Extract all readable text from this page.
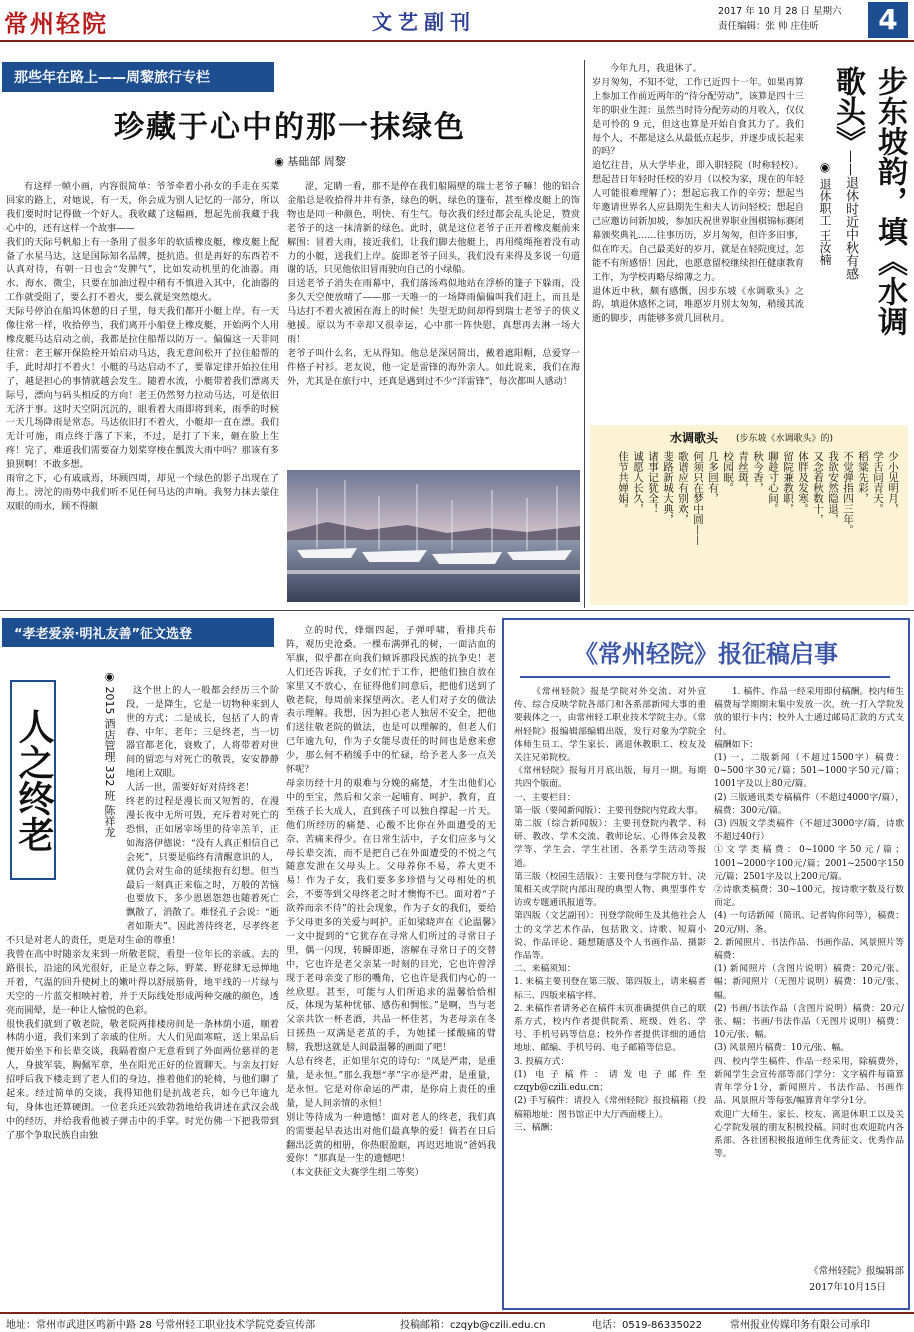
常州轻院	文艺副刊	2017 年 10 月 28 日 星期六
责任编辑：张 帅 庄佳昕	4
那些年在路上——周黎旅行专栏
珍藏于心中的那一抹绿色
◉ 基础部 周黎
有这样一帧小画，内容很简单：爷爷牵着小孙女的手走在买菜回家的路上，对她说，有一天，你会成为别人记忆的一部分，所以我们要时时记得做一个好人。我收藏了这幅画，想起先前我藏于我心中的，还有这样一个故事——
我们的天际号帆船上有一条用了很多年的软质橡皮艇，橡皮艇上配备了水星马达，这是国际知名品牌，挺抗造。但是再好的东西若不认真对待，有朝一日也会“发脾气”，比如发动机里的化油器。雨水、海水、微尘，只要在加油过程中稍有不慎进入其中，化油器的工作就受阻了，要么打不着火，要么就是突然熄火。
天际号停泊在船坞休憩的日子里，每天我们都开小艇上岸。有一天像往常一样，收拾停当，我们离开小船登上橡皮艇，开始两个人用橡皮艇马达启动之前，我都是拉住船帮以防万一。偏偏这一天非同往常：老王解开保险栓开始启动马达，我无意间松开了拉住船帮的手，此时却打不着火！小艇的马达启动不了，要靠定律开始拉住用了，越是担心的事情就越会发生。随着水流，小艇带着我们漂离天际号，漂向与码头相反的方向！老王仍然努力拉动马达，可是依旧无济于事。这时天空阴沉沉的，眼看着大雨即将到来，雨季的时候一天几场降雨是常态。马达依旧打不着火，小艇却一直在漂。我们无计可施，雨点终于落了下来，不过，是打了下来，砸在脸上生疼！完了，难道我们需要奋力划桨穿梭在瓢泼大雨中吗？那该有多狼狈啊！不敢多想。
雨帘之下，心有戚戚焉，环顾四周，却见一个绿色的影子出现在了海上。滂沱的雨势中我们听不见任何马达的声响。我努力抹去蒙住双眼的雨水，顾不得颇
涩，定睛一看，那不是停在我们船隔壁的瑞士老爷子嘛！他的铝合金船总是收拾得井井有条，绿色的帆，绿色的篷布，甚至橡皮艇上的饰物也是同一种颜色，明快、有生气。每次我们经过都会乱头论足，赞赏老爷子的这一抹清新的绿色。此时，就是这位老爷子正开着橡皮艇前来解围：冒着大雨，接近我们，让我们脚去他艇上，再用缆绳拖着没有动力的小艇，送我们上岸。旋即老爷子回头，我们没有来得及多说一句道谢的话，只见他依旧冒雨驶向自己的小绿船。
目送老爷子消失在雨幕中，我们落汤鸡似地站在浮桥的篷子下躲雨，没多久天空便放晴了——那一天唯一的一场降雨偏偏叫我们赶上，而且是马达打不着火被困在海上的时候！失望无助间却得到瑞士老爷子的侠义驰援。原以为不幸却又很幸运，心中那一阵快慰，真想再去淋一场大雨！
老爷子叫什么名，无从得知。他总是深居简出，戴着遮阳帽，总爱穿一件格子衬衫。老友说，他一定是雷锋的海外亲人。如此说来，我们在海外，尤其是在旅行中，还真是遇到过不少“洋雷锋”，每次都叫人感动！
步东坡韵，填《水调歌头》
——退休时近中秋有感
◉ 退休职工 王汝楠
今年九月，我退休了。
岁月匆匆，不知不觉，工作已近四十一年。如果再算上参加工作前近两年的“待分配劳动”，该算是四十三年的职业生涯：虽然当时待分配劳动的月收入，仅仅是可怜的 9 元，但这也算是开始自食其力了。我们每个人，不都是这么从最低点起步，并逐步成长起来的吗？
追忆往昔，从大学毕业，即入职轻院（时称轻校）。想起昔日年轻时任校的岁月（以校为家，现在的年轻人可能很难理解了）；想起忘我工作的辛劳；想起当年邀请世界名人应县期先生和夫人访问轻校；想起自己应邀访问新加坡，参加庆祝世界职业围棋锦标赛闭幕颁奖典礼……往事历历，岁月匆匆，但许多旧事，似在昨天。自己最美好的岁月，就是在轻院度过，怎能不有所感悟！因此，也愿意留校继续担任健康教育工作，为学校再略尽绵薄之力。
退休近中秋，颇有感慨，因步东坡《水调歌头》之韵，填退休感怀之词，唯愿岁月别太匆匆，稍缓其流逝的脚步，再能够多赏几回秋月。
水调歌头 (步东坡《水调歌头》的)
少小见明月，
学舌问青天。
稻粱先彩，
不觉弹指四三年。
我欲安然隐退，
又念着秋数十，
体胖及发寒。
留院兼教职，
聊趁寸心间。
秋今香，
青丝斑，
校园眠。
几多回有，
何须只在梦中圆——
歌谱应有别欢，
斐路新城大典，
诸事记犹全！
诚愿人长久，
佳节共婵娟。
“孝老爱亲·明礼友善”征文选登
人之终老	◉ 2015 酒店管理 332 班 陈祥龙

	这个世上的人一般都会经历三个阶段，一是降生，它是一切物种来到人世的方式；二是成长，包括了人的青春、中年、老年；三是终老，当一切器官都老化，衰败了，人将带着对世间的留恋与对死亡的敬畏，安安静静地闭上双眼。
人活一世，需要好好对待终老！
终老的过程是漫长而又短暂的，在漫漫长夜中无所可毁，充斥着对死亡的恐惧，正如屠宰场里的待宰羔羊，正如海洛伊德说：“没有人真正相信自己会死”，只要是临终有清醒意识的人，就仍会对生命的延续抱有幻想。但当最后一刻真正来临之时，万般的苦恼也要放下，多少恩恩怨怨也随着死亡飘散了，消散了。难怪孔子会说：“逝者如斯夫”。因此善待终老，尽孝终老不只是对老人的责任，更是对生命的尊重！
我曾在高中时随亲友来到一所敬老院，看望一位年长的亲戚。去的路很长，沿途的风光很好，正是立春之际，野菜、野花肆无忌惮地开着，气温的回升使树上的嫩叶得以舒展筋骨，地平线的一片绿与天空的一片蓝交相映衬着，并于天际线处形成两种交融的颜色，透亮而圆晕，是一种让人愉悦的色彩。
很快我们就到了敬老院，敬老院两排楼房间是一条林荫小道，顺着林荫小道，我们来到了亲戚的住所。大人们见面寒暄，送上果品后便开始坐下和长辈交谈，我隔着窗户无意看到了外面两位慈祥的老人，身披军装，胸佩军章，坐在阳光正好的位置聊天。与亲友打好招呼后我下楼走到了老人们的身边，推着他们的轮椅，与他们聊了起来。经过简单的交谈，我得知他们是抗战老兵，如今已年逾九旬，身体也还算硬朗。一位老兵还兴致勃勃地给我讲述在武汉会战中的经历，并给我看他被子弹击中的手掌。时光仿佛一下把我带到了那个争取民族自由独

立的时代，烽烟四起，子弹呼啸，看排兵布阵，观历史沧桑。一棵布满弹孔的树，一面沾血的军旗，似乎都在向我们倾诉那段民族的抗争史！老人们还告诉我，子女们忙于工作，把他们独自放在家里又不放心，在征得他们同意后，把他们送到了敬老院，每周前来探望两次。老人们对子女的做法表示理解。我想，因为担心老人独居不安全，把他们送往敬老院的做法，也是可以理解的，但老人们已年逾九旬，作为子女能尽责任的时间也是愈来愈少，那么何不稍缓手中的忙碌，给予老人多一点关怀呢？
母亲历经十月的艰难与分娩的痛楚，才生出他们心中的至宝，然后和父亲一起哺育、呵护、教育，直至孩子长大成人，直到孩子可以独自撑起一片天。他们所经历的痛楚、心酸不比你在外面遭受的无奈、苦痛来得少。在日常生活中，子女们应多与父母长辈交流，而不是把自己在外面遭受的不悦之气随意发泄在父母头上。父母养你不易，养大更不易！作为子女，我们要多多珍惜与父母相处的机会，不要等到父母终老之时才懊悔不已。面对着“子欲养而亲不待”的社会现象，作为子女的我们，要给予父母更多的关爱与呵护。正如梁晓声在《论温馨》一文中提到的“它犹存在寻常人们所过的寻常日子里，偶一闪现，转瞬即逝，溶解在寻常日子的交替中，它也许是老父亲某一时刻的目光，它也许曾浮现于老母亲变了形的嘴角，它也许是我们内心的一丝欣慰。甚至，可能与人们所追求的温馨恰恰相反，体现为某种忧郁、感伤和惆怅。”是啊，当与老父亲共饮一杯老酒，共品一杯佳茗，为老母亲在冬日搓热一双满是老茧的手，为她揉一揉酸痛的臂膀，我想这就是人间最温馨的画面了吧！
人总有终老，正如里尔克的诗句：“凤是严肃，是重量，是永恒。”那么我想“孝”字亦是严肃，是重量，是永恒。它是对你命运的严肃，是你肩上责任的重量，是人间亲情的永恒！
别让等待成为一种遗憾！面对老人的终老，我们真的需要起早表达出对他们最真挚的爱！倘若在日后翻出泛黄的相册，你热眼盈眶，再迟迟地说“爸妈我爱你！”那真是一生的遗憾吧！
（本文获征文大赛学生组二等奖）
《常州轻院》报征稿启事
《常州轻院》报是学院对外交流、对外宣传、综合反映学院各部门和各系部新闻大事的重要载体之一，由常州轻工职业技术学院主办。《常州轻院》报编辑部编辑出版，发行对象为学院全体师生员工、学生家长、离退休教职工、校友及关注兄弟院校。
《常州轻院》报每月月底出版，每月一期。每期共四个版面。
一、主要栏目：
第一版（要闻新闻版）：主要刊登院内党政大事。
第二版（综合新闻版）：主要刊登院内教学、科研、教改、学术交流、教师论坛、心得体会及教学等、学生会、学生社团、各系学生活动等报道。
第三版（校园生活版）：主要刊登与学院方针、决策相关或学院内部出现的典型人物、典型事件专访或专题通讯报道等。
第四版（文艺副刊）：刊登学院师生及其他社会人士的文学艺术作品，包括散文、诗歌、短篇小说、作品评论、随想随感及个人书画作品、摄影作品等。
二、来稿须知：
1. 来稿主要刊登在第三版、第四版上，请来稿者标三、四版来稿字样。
2. 来稿作者请务必在稿件末页准确提供自己的联系方式，校内作者提供院系、班级、姓名、学号、手机号码等信息；校外作者提供详细的通信地址、邮编、手机号码、电子邮箱等信息。
3. 投稿方式：
(1) 电子稿件：请发电子邮件至czqyb@czili.edu.cn；
(2) 手写稿件：请投入《常州轻院》报投稿箱（投稿箱地址：图书馆正中大厅西面楼上）。
三、稿酬：
1. 稿件、作品一经采用即付稿酬。校内师生稿费每学期期末集中发放一次，统一打入学院发放的银行卡内；校外人士通过邮局汇款的方式支付。
稿酬如下：
(1) 一、二版新闻（不超过1500字）稿费：0~500字30元/篇；501~1000字50元/篇；1001字及以上80元/篇。
(2) 三版通讯类专稿稿件（不超过4000字/篇），稿费：300元/篇。
(3) 四版文学类稿件（不超过3000字/篇，诗歌不超过40行）
①文学类稿费：0~1000字50元/篇；1001~2000字100元/篇；2001~2500字150元/篇；2501字及以上200元/篇。
②诗歌类稿费：30~100元，按诗歌字数及行数而定。
(4) 一句话新闻（简讯、记者钩你问等），稿费：20元/则、条。
2. 新闻照片、书法作品、书画作品、风景照片等稿费：
(1) 新闻照片（含图片说明）稿费：20元/张、幅；新闻照片（无图片说明）稿费：10元/张、幅。
(2) 书画/书法作品（含图片说明）稿费：20元/张、幅；书画/书法作品（无图片说明）稿费：10元/张、幅。
(3) 风景照片稿费：10元/张、幅。
四、校内学生稿件、作品一经采用，除稿费外，新闻学生会宣传部等部门学分：文字稿件每篇算青年学分1分，新闻照片、书法作品、书画作品、风景照片等每张/幅算青年学分1分。
欢迎广大师生、家长、校友、离退休职工以及关心学院发展的朋友积极投稿。同时也欢迎院内各系部、各社团积极报道师生优秀征文、优秀作品等。
《常州轻院》报编辑部
2017年10月15日
地址：常州市武进区鸣新中路 28 号常州轻工职业技术学院党委宣传部	投稿邮箱：czqyb@czili.edu.cn	电话：0519-86335022	常州报业传媒印务有限公司承印
